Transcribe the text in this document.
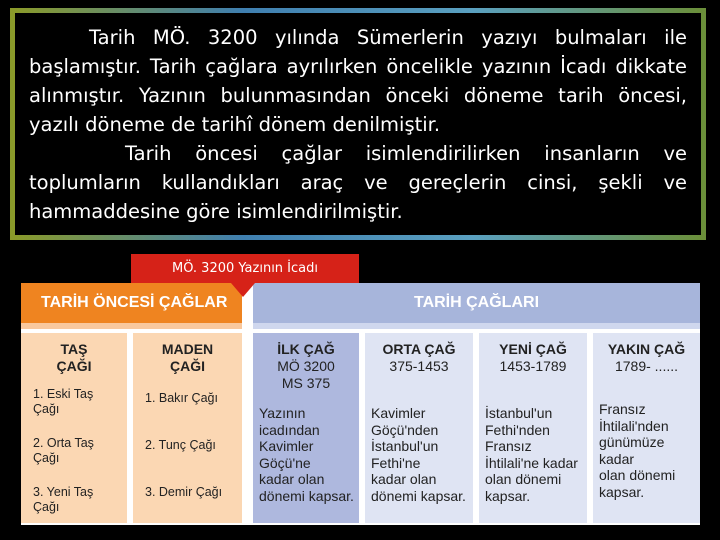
Tarih MÖ. 3200 yılında Sümerlerin yazıyı bulmaları ile başlamıştır. Tarih çağlara ayrılırken öncelikle yazının İcadı dikkate alınmıştır. Yazının bulunmasından önceki döneme tarih öncesi, yazılı döneme de tarihî dönem denilmiştir.

Tarih öncesi çağlar isimlendirilirken insanların ve toplumların kullandıkları araç ve gereçlerin cinsi, şekli ve hammaddesine göre isimlendirilmiştir.

MÖ. 3200 Yazının İcadı
TARİH ÖNCESİ ÇAĞLAR	TARİH ÇAĞLARI
TAŞ
ÇAĞI
1. Eski Taş Çağı
2. Orta Taş Çağı
3. Yeni Taş Çağı
MADEN
ÇAĞI
1. Bakır Çağı
2. Tunç Çağı
3. Demir Çağı
İLK ÇAĞ
MÖ 3200
MS 375
Yazının
icadından
Kavimler
Göçü'ne
kadar olan
dönemi kapsar.
ORTA ÇAĞ
375-1453
Kavimler
Göçü'nden
İstanbul'un
Fethi'ne
kadar olan
dönemi kapsar.
YENİ ÇAĞ
1453-1789
İstanbul'un
Fethi'nden
Fransız
İhtilali'ne kadar
olan dönemi
kapsar.
YAKIN ÇAĞ
1789- ......
Fransız
İhtilali'nden
günümüze
kadar
olan dönemi
kapsar.
